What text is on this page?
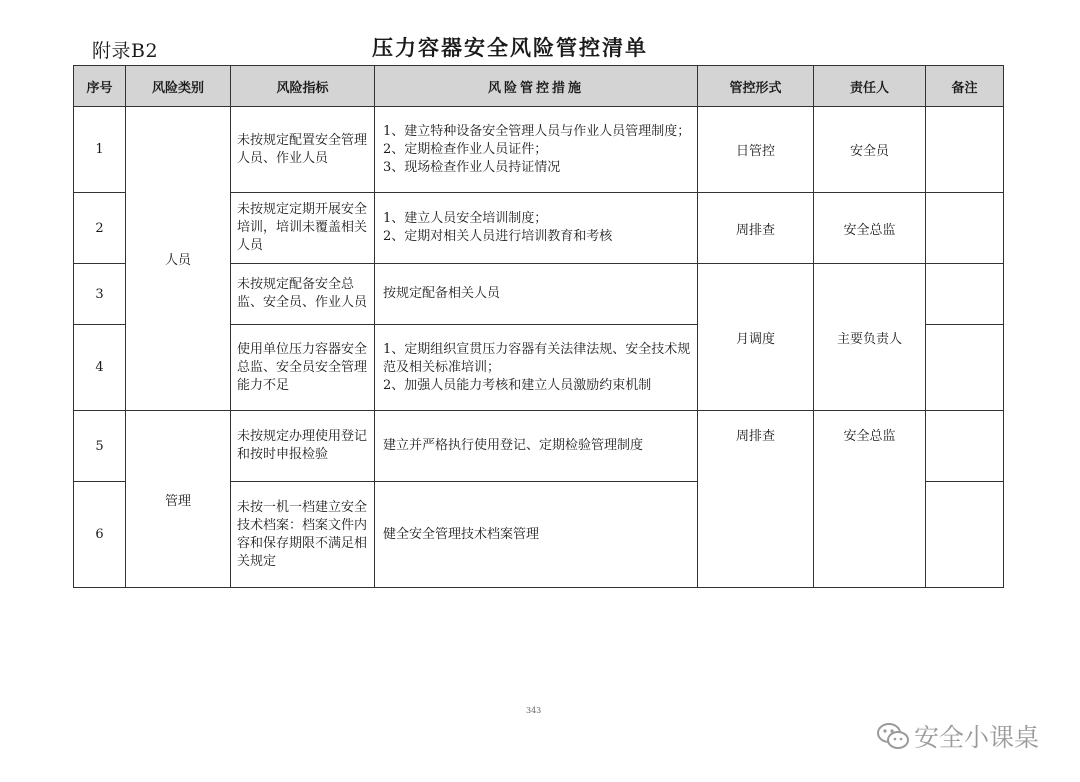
附录B2	压力容器安全风险管控清单
序号	风险类别	风险指标	风险管控措施	管控形式	责任人	备注
1	人员	未按规定配置安全管理人员、作业人员	1、建立特种设备安全管理人员与作业人员管理制度；
2、定期检查作业人员证件；
3、现场检查作业人员持证情况	日管控	安全员	
2		未按规定定期开展安全培训，培训未覆盖相关人员	1、建立人员安全培训制度；
2、定期对相关人员进行培训教育和考核	周排查	安全总监	
3		未按规定配备安全总监、安全员、作业人员	按规定配备相关人员	月调度	主要负责人	
4		使用单位压力容器安全总监、安全员安全管理能力不足	1、定期组织宣贯压力容器有关法律法规、安全技术规范及相关标准培训；
2、加强人员能力考核和建立人员激励约束机制			

5	管理	未按规定办理使用登记和按时申报检验	建立并严格执行使用登记、定期检验管理制度	周排查	安全总监	
6		未按一机一档建立安全技术档案：档案文件内容和保存期限不满足相关规定	健全安全管理技术档案管理			

343
安全小课桌
